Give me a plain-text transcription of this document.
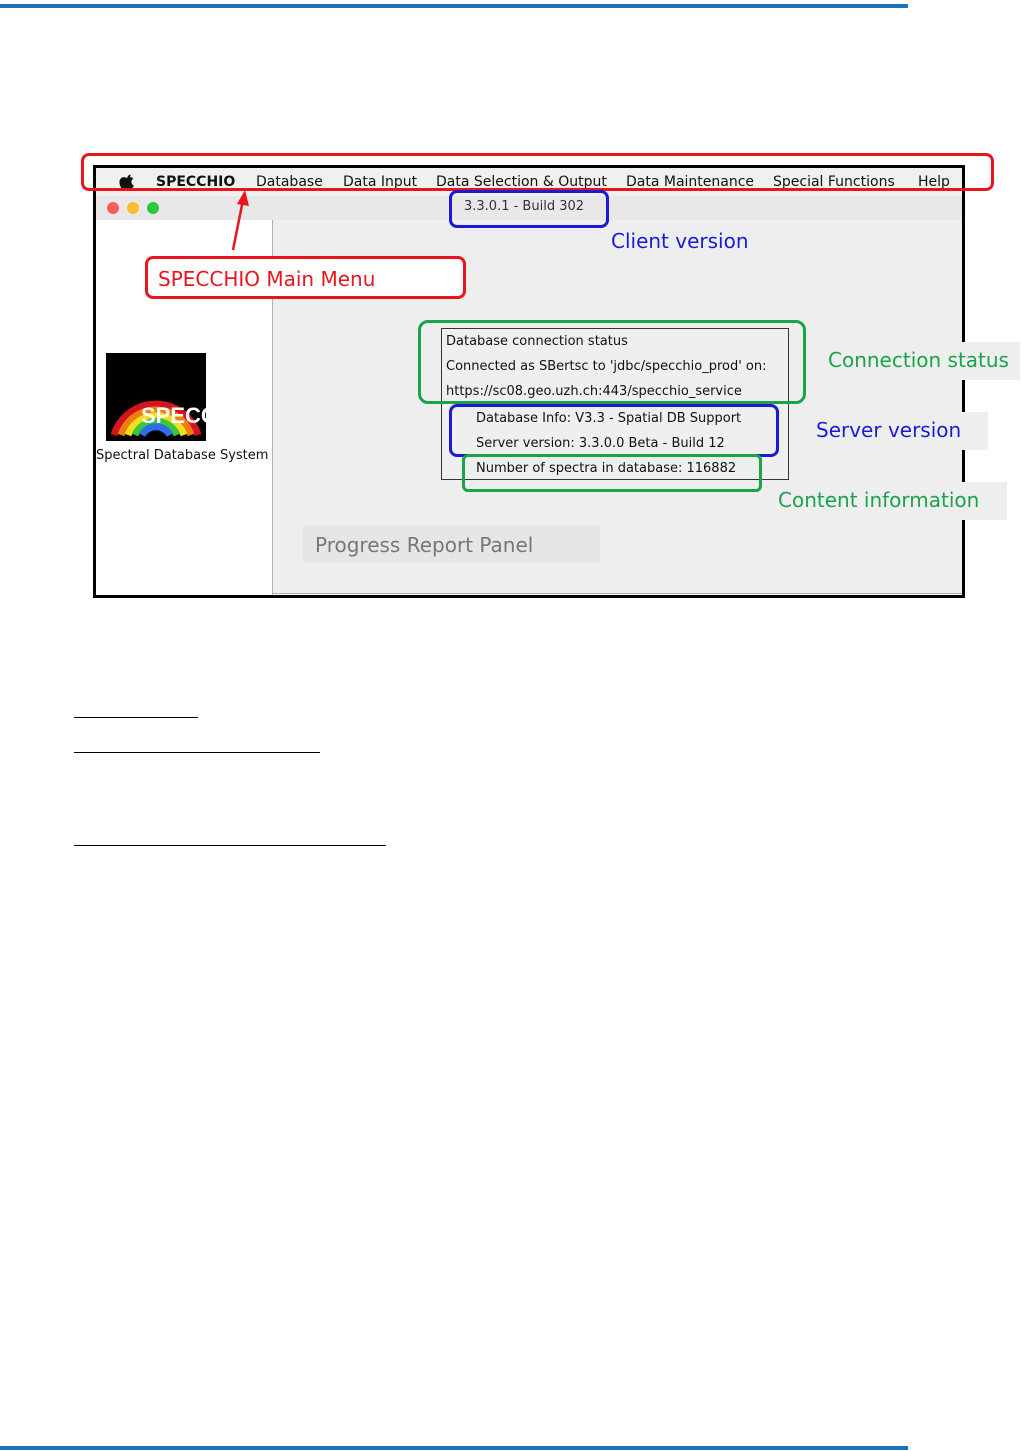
SPECCHIO Database Data Input Data Selection & Output Data Maintenance Special Functions Help
3.3.0.1 - Build 302
SPECCHIO
Spectral Database System
Database connection status
Connected as SBertsc to 'jdbc/specchio_prod' on:
https://sc08.geo.uzh.ch:443/specchio_service
Database Info: V3.3 - Spatial DB Support
Server version: 3.3.0.0 Beta - Build 12
Number of spectra in database: 116882
Progress Report Panel
SPECCHIO Main Menu
Client version
Connection status
Server version
Content information
